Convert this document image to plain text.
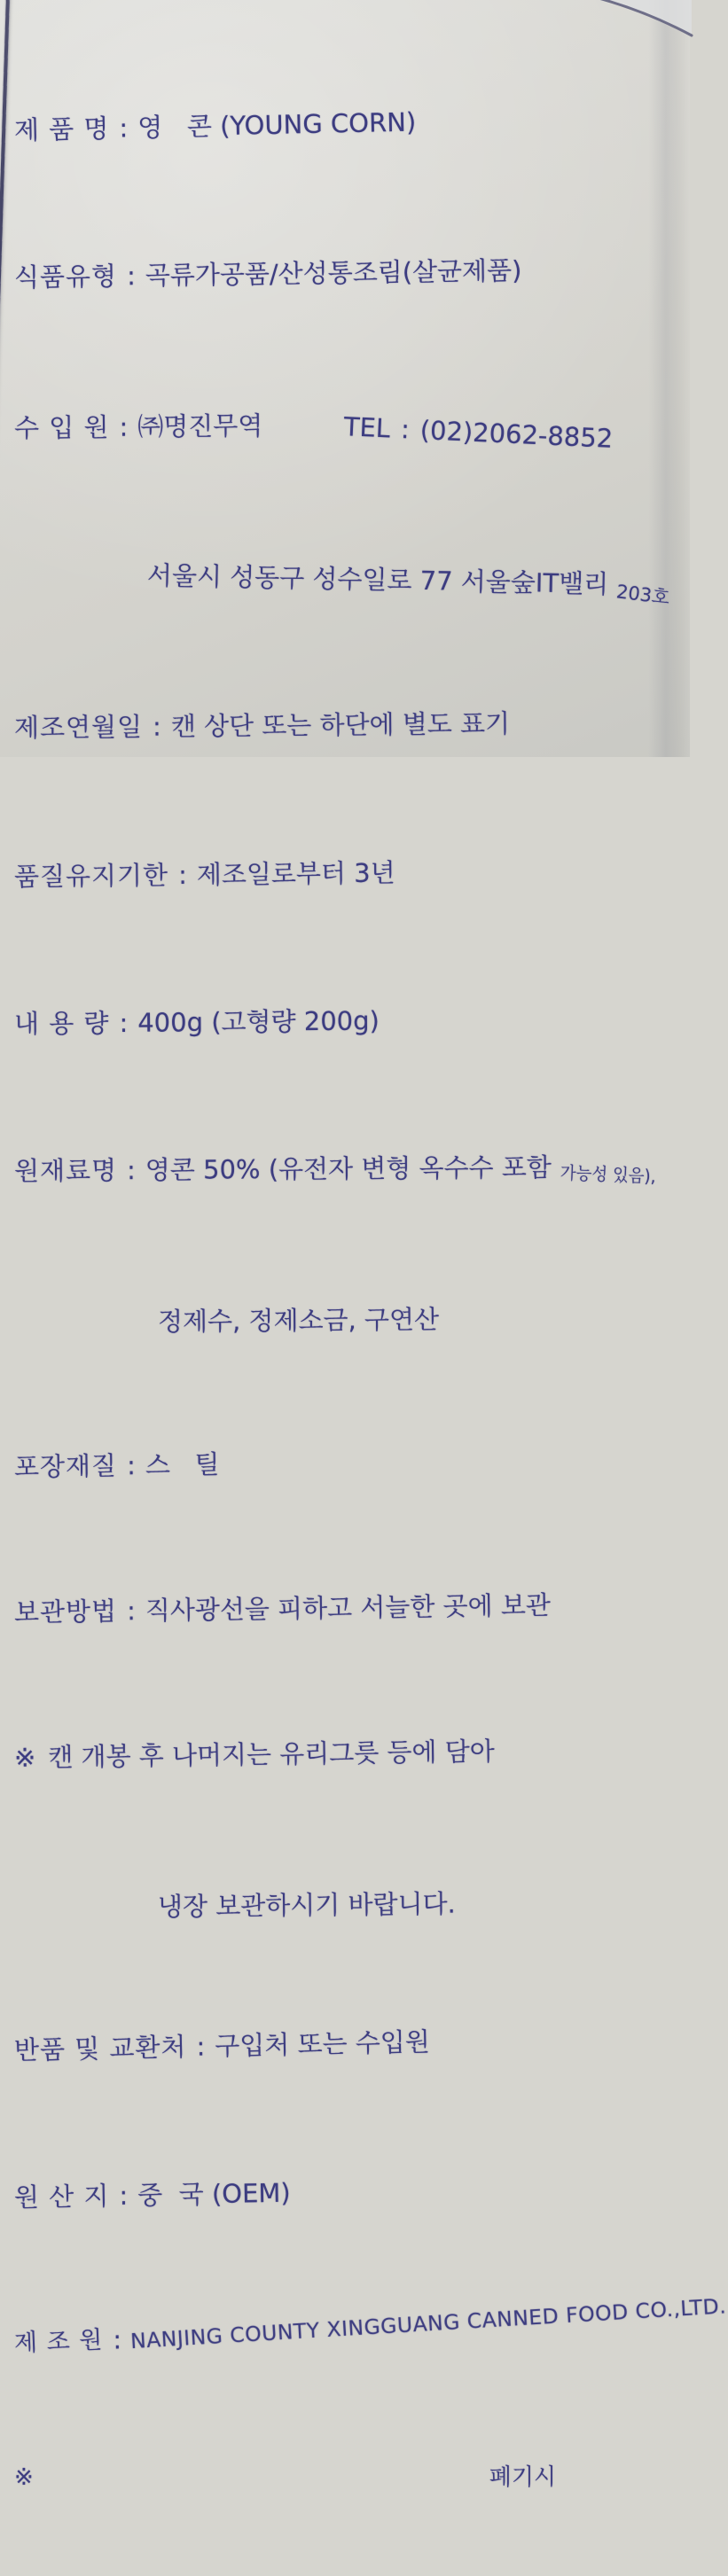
제 품 명 : 영   콘 (YOUNG CORN)

식품유형 : 곡류가공품/산성통조림(살균제품)

수 입 원 : ㈜명진무역	TEL : (02)2062-8852

서울시 성동구 성수일로 77 서울숲IT밸리 203호

제조연월일 : 캔 상단 또는 하단에 별도 표기

품질유지기한 : 제조일로부터 3년

내 용 량 : 400g (고형량 200g)

원재료명 : 영콘 50% (유전자 변형 옥수수 포함 가능성 있음),

정제수, 정제소금, 구연산

포장재질 : 스   틸

보관방법 : 직사광선을 피하고 서늘한 곳에 보관

※ 캔 개봉 후 나머지는 유리그릇 등에 담아

냉장 보관하시기 바랍니다.

반품 및 교환처 : 구입처 또는 수입원

원 산 지 : 중  국 (OEM)

제 조 원 : NANJING COUNTY XINGGUANG CANNED FOOD CO.,LTD.

※	폐기시
